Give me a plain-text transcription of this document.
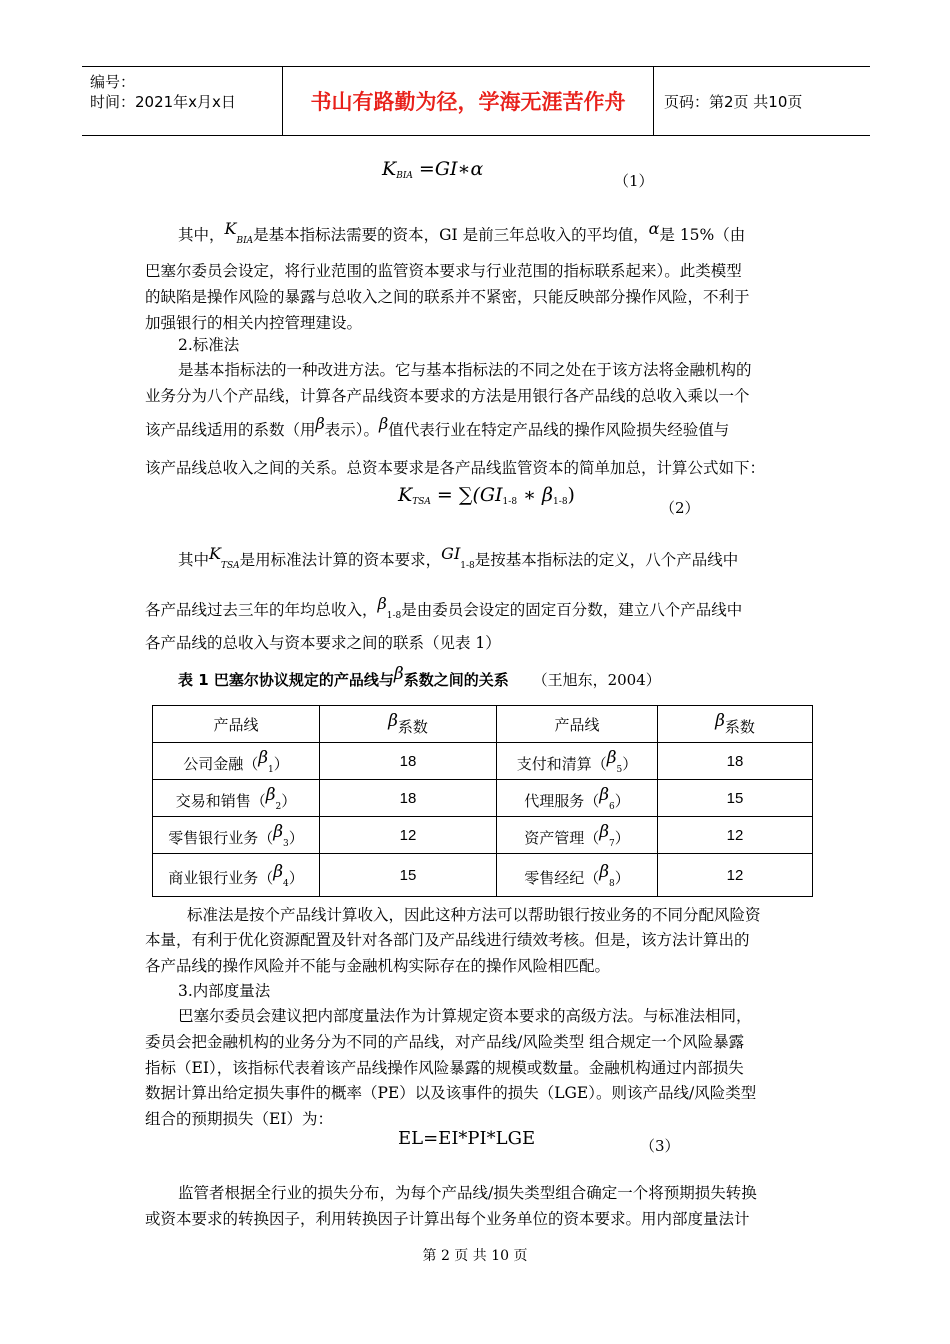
编号：
时间：2021年x月x日	书山有路勤为径，学海无涯苦作舟	页码：第2页 共10页
$K_{BIA}$ =GI∗α
（1）
其中，$K_{BIA}$是基本指标法需要的资本，GI 是前三年总收入的平均值，α是 15%（由
巴塞尔委员会设定，将行业范围的监管资本要求与行业范围的指标联系起来）。此类模型
的缺陷是操作风险的暴露与总收入之间的联系并不紧密，只能反映部分操作风险，不利于
加强银行的相关内控管理建设。
2.标准法
是基本指标法的一种改进方法。它与基本指标法的不同之处在于该方法将金融机构的
业务分为八个产品线，计算各产品线资本要求的方法是用银行各产品线的总收入乘以一个
该产品线适用的系数（用β表示）。β值代表行业在特定产品线的操作风险损失经验值与
该产品线总收入之间的关系。总资本要求是各产品线监管资本的简单加总，计算公式如下：
$K_{TSA} = \sum(GI1-8$ ∗ β1-8)
（2）
其中$K_{TSA}$是用标准法计算的资本要求，GI1-8是按基本指标法的定义，八个产品线中
各产品线过去三年的年均总收入，β1-8是由委员会设定的固定百分数，建立八个产品线中
各产品线的总收入与资本要求之间的联系（见表 1）
表 1 巴塞尔协议规定的产品线与β系数之间的关系 （王旭东，2004）
产品线	β系数	产品线	β系数
公司金融$(\beta_1)$	18	支付和清算$(\beta_5)$	18
交易和销售$(\beta_2)$	18	代理服务$(\beta_6)$	15
零售银行业务$(\beta_3)$	12	资产管理$(\beta_7)$	12
商业银行业务$(\beta_4)$	15	零售经纪$(\beta_8)$	12
标准法是按个产品线计算收入，因此这种方法可以帮助银行按业务的不同分配风险资
本量，有利于优化资源配置及针对各部门及产品线进行绩效考核。但是，该方法计算出的
各产品线的操作风险并不能与金融机构实际存在的操作风险相匹配。
3.内部度量法
巴塞尔委员会建议把内部度量法作为计算规定资本要求的高级方法。与标准法相同，
委员会把金融机构的业务分为不同的产品线，对产品线/风险类型 组合规定一个风险暴露
指标（EI），该指标代表着该产品线操作风险暴露的规模或数量。金融机构通过内部损失
数据计算出给定损失事件的概率（PE）以及该事件的损失（LGE）。则该产品线/风险类型
组合的预期损失（EI）为：
EL=EI*PI*LGE	（3）
监管者根据全行业的损失分布，为每个产品线/损失类型组合确定一个将预期损失转换
或资本要求的转换因子，利用转换因子计算出每个业务单位的资本要求。用内部度量法计
第 2 页 共 10 页
